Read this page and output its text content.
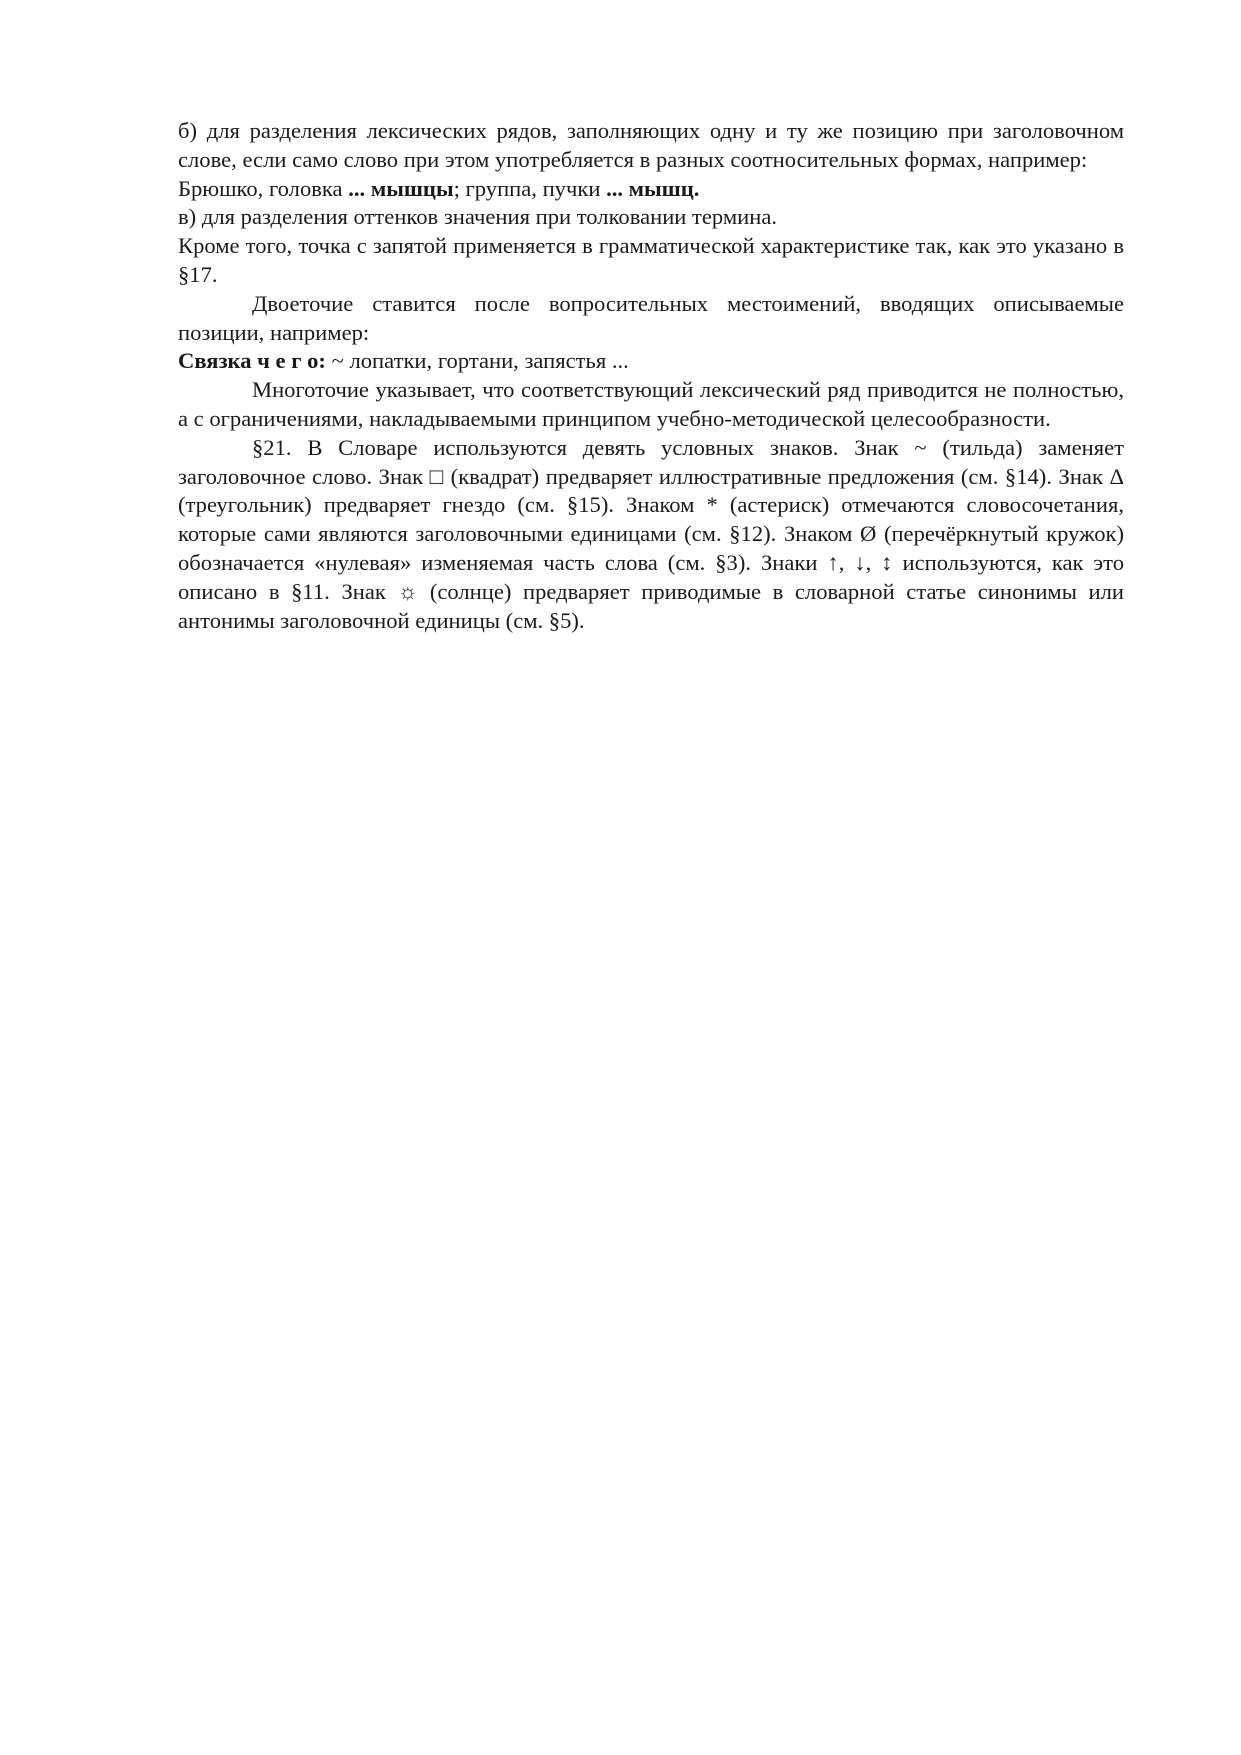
б) для разделения лексических рядов, заполняющих одну и ту же позицию при заголовочном слове, если само слово при этом употребляется в разных соотносительных формах, например:

Брюшко, головка ... мышцы; группа, пучки ... мышц.

в) для разделения оттенков значения при толковании термина.

Кроме того, точка с запятой применяется в грамматической характеристике так, как это указано в §17.

Двоеточие ставится после вопросительных местоимений, вводящих описываемые позиции, например:

Связка ч е г о: ~ лопатки, гортани, запястья ...

Многоточие указывает, что соответствующий лексический ряд приводится не полностью, а с ограничениями, накладываемыми принципом учебно-методической целесообразности.

§21. В Словаре используются девять условных знаков. Знак ~ (тильда) заменяет заголовочное слово. Знак □ (квадрат) предваряет иллюстративные предложения (см. §14). Знак Δ (треугольник) предваряет гнездо (см. §15). Знаком * (астериск) отмечаются словосочетания, которые сами являются заголовочными единицами (см. §12). Знаком Ø (перечёркнутый кружок) обозначается «нулевая» изменяемая часть слова (см. §3). Знаки ↑, ↓, ↕ используются, как это описано в §11. Знак ☼ (солнце) предваряет приводимые в словарной статье синонимы или антонимы заголовочной единицы (см. §5).
